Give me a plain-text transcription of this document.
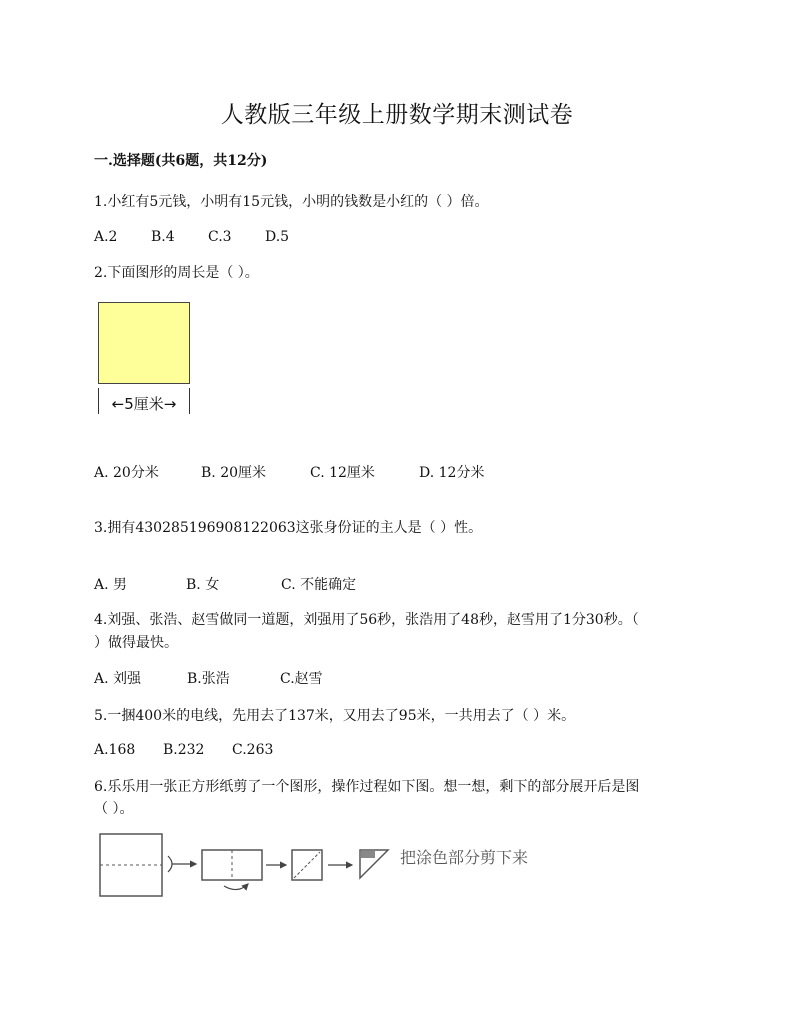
人教版三年级上册数学期末测试卷
一.选择题(共6题，共12分)
1.小红有5元钱，小明有15元钱，小明的钱数是小红的（ ）倍。
A.2 B.4 C.3 D.5
2.下面图形的周长是（ ）。
←5厘米→
A. 20分米	B. 20厘米	C. 12厘米	D. 12分米
3.拥有430285196908122063这张身份证的主人是（ ）性。
A. 男	B. 女	C. 不能确定
4.刘强、张浩、赵雪做同一道题，刘强用了56秒，张浩用了48秒，赵雪用了1分30秒。（
）做得最快。
A. 刘强	B.张浩	C.赵雪
5.一捆400米的电线，先用去了137米，又用去了95米，一共用去了（ ）米。
A.168 B.232 C.263
6.乐乐用一张正方形纸剪了一个图形，操作过程如下图。想一想，剩下的部分展开后是图
（ ）。
把涂色部分剪下来
